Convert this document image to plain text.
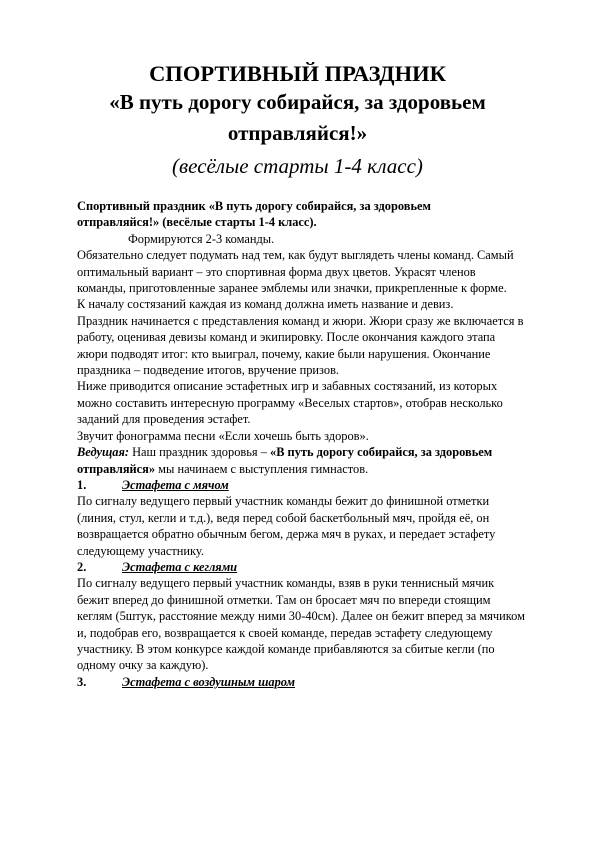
СПОРТИВНЫЙ ПРАЗДНИК

«В путь дорогу собирайся, за здоровьем

отправляйся!»

(весёлые старты 1-4 класс)

Спортивный праздник «В путь дорогу собирайся, за здоровьем

отправляйся!» (весёлые старты 1-4 класс).

Формируются 2-3 команды.

Обязательно следует подумать над тем, как будут выглядеть члены команд. Самый оптимальный вариант – это спортивная форма двух цветов. Украсят членов команды, приготовленные заранее эмблемы или значки, прикрепленные к форме.

К началу состязаний каждая из команд должна иметь название и девиз.

Праздник начинается с представления команд и жюри. Жюри сразу же включается в работу, оценивая девизы команд и экипировку. После окончания каждого этапа жюри подводят итог: кто выиграл, почему, какие были нарушения. Окончание праздника – подведение итогов, вручение призов.

Ниже приводится описание эстафетных игр и забавных состязаний, из которых можно составить интересную программу «Веселых стартов», отобрав несколько заданий для проведения эстафет.

Звучит фонограмма песни «Если хочешь быть здоров».

Ведущая: Наш праздник здоровья – «В путь дорогу собирайся, за здоровьем отправляйся» мы начинаем с выступления гимнастов.

1.	Эстафета с мячом

По сигналу ведущего первый участник команды бежит до финишной отметки (линия, стул, кегли и т.д.), ведя перед собой баскетбольный мяч, пройдя её, он возвращается обратно обычным бегом, держа мяч в руках, и передает эстафету следующему участнику.

2.	Эстафета с кеглями

По сигналу ведущего первый участник команды, взяв в руки теннисный мячик бежит вперед до финишной отметки. Там он бросает мяч по впереди стоящим кеглям (5штук, расстояние между ними 30-40см). Далее он бежит вперед за мячиком и, подобрав его, возвращается к своей команде, передав эстафету следующему участнику. В этом конкурсе каждой команде прибавляются за сбитые кегли (по одному очку за каждую).

3.	Эстафета с воздушным шаром
